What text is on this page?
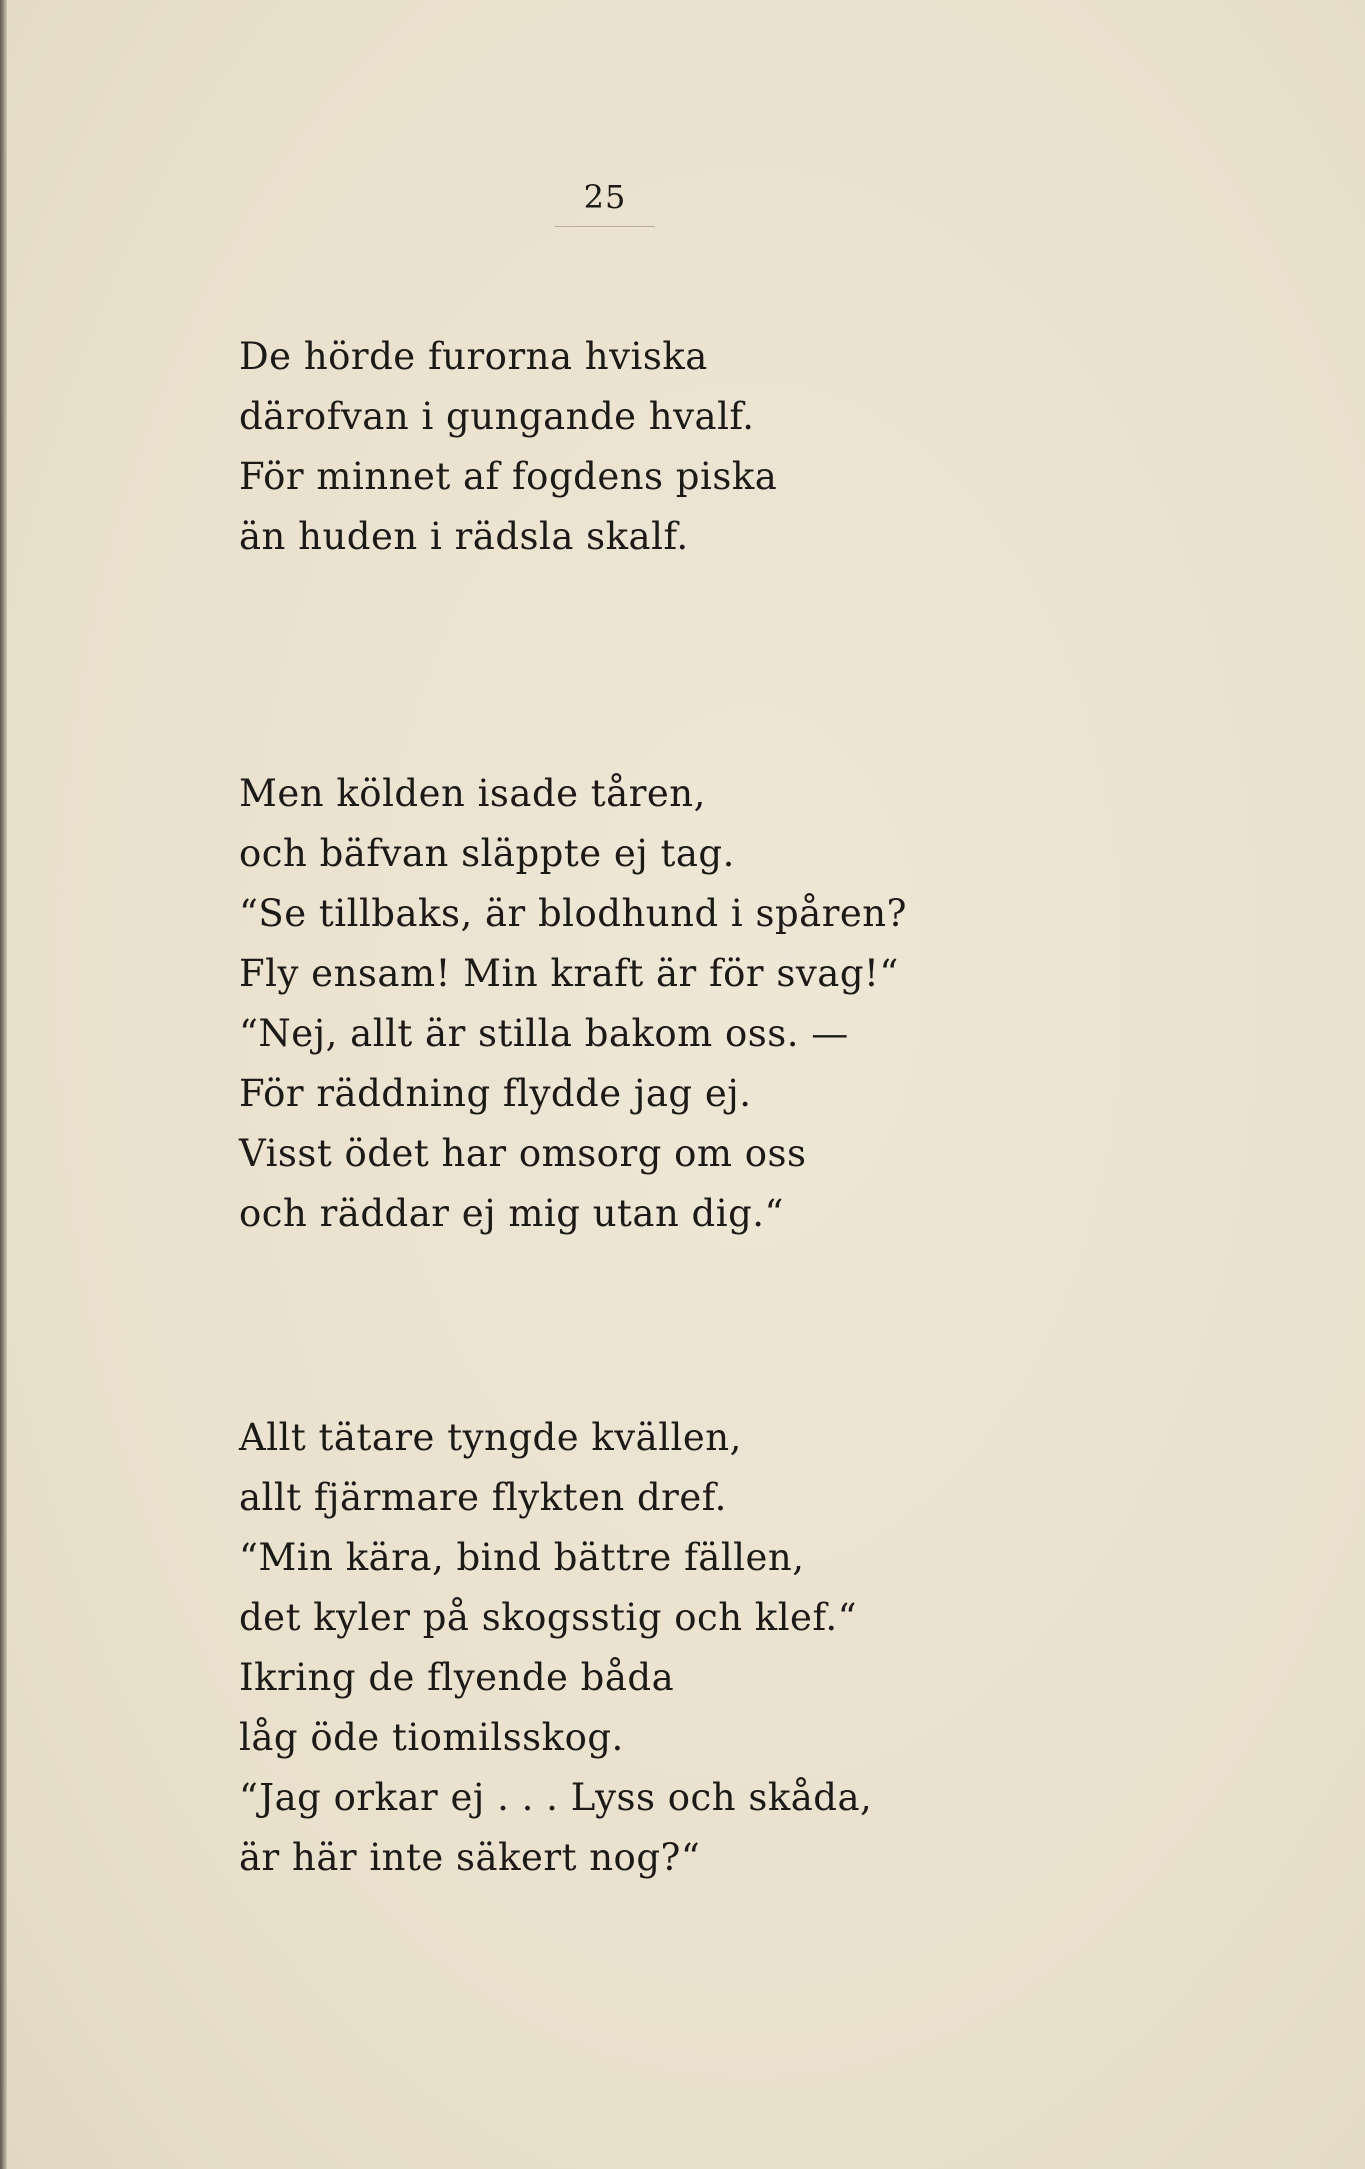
25
De hörde furorna hviska
därofvan i gungande hvalf.
För minnet af fogdens piska
än huden i rädsla skalf.
Men kölden isade tåren,
och bäfvan släppte ej tag.
“Se tillbaks, är blodhund i spåren?
Fly ensam! Min kraft är för svag!“
“Nej, allt är stilla bakom oss. —
För räddning flydde jag ej.
Visst ödet har omsorg om oss
och räddar ej mig utan dig.“
Allt tätare tyngde kvällen,
allt fjärmare flykten dref.
“Min kära, bind bättre fällen,
det kyler på skogsstig och klef.“
Ikring de flyende båda
låg öde tiomilsskog.
“Jag orkar ej . . . Lyss och skåda,
är här inte säkert nog?“
